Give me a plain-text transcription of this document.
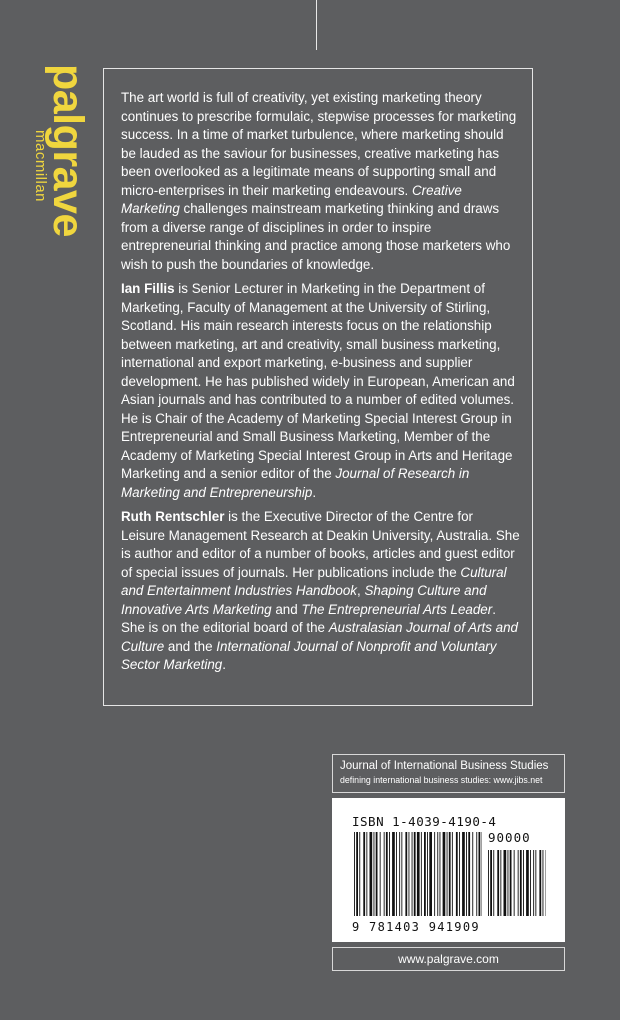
palgrave
macmillan

The art world is full of creativity, yet existing marketing theory continues to prescribe formulaic, stepwise processes for marketing success. In a time of market turbulence, where marketing should be lauded as the saviour for businesses, creative marketing has been overlooked as a legitimate means of supporting small and micro-enterprises in their marketing endeavours. Creative Marketing challenges mainstream marketing thinking and draws from a diverse range of disciplines in order to inspire entrepreneurial thinking and practice among those marketers who wish to push the boundaries of knowledge.

Ian Fillis is Senior Lecturer in Marketing in the Department of Marketing, Faculty of Management at the University of Stirling, Scotland. His main research interests focus on the relationship between marketing, art and creativity, small business marketing, international and export marketing, e-business and supplier development. He has published widely in European, American and Asian journals and has contributed to a number of edited volumes. He is Chair of the Academy of Marketing Special Interest Group in Entrepreneurial and Small Business Marketing, Member of the Academy of Marketing Special Interest Group in Arts and Heritage Marketing and a senior editor of the Journal of Research in Marketing and Entrepreneurship.

Ruth Rentschler is the Executive Director of the Centre for Leisure Management Research at Deakin University, Australia. She is author and editor of a number of books, articles and guest editor of special issues of journals. Her publications include the Cultural and Entertainment Industries Handbook, Shaping Culture and Innovative Arts Marketing and The Entrepreneurial Arts Leader. She is on the editorial board of the Australasian Journal of Arts and Culture and the International Journal of Nonprofit and Voluntary Sector Marketing.

Journal of International Business Studies
defining international business studies: www.jibs.net
ISBN 1-4039-4190-4
90000
9 781403 941909
www.palgrave.com
